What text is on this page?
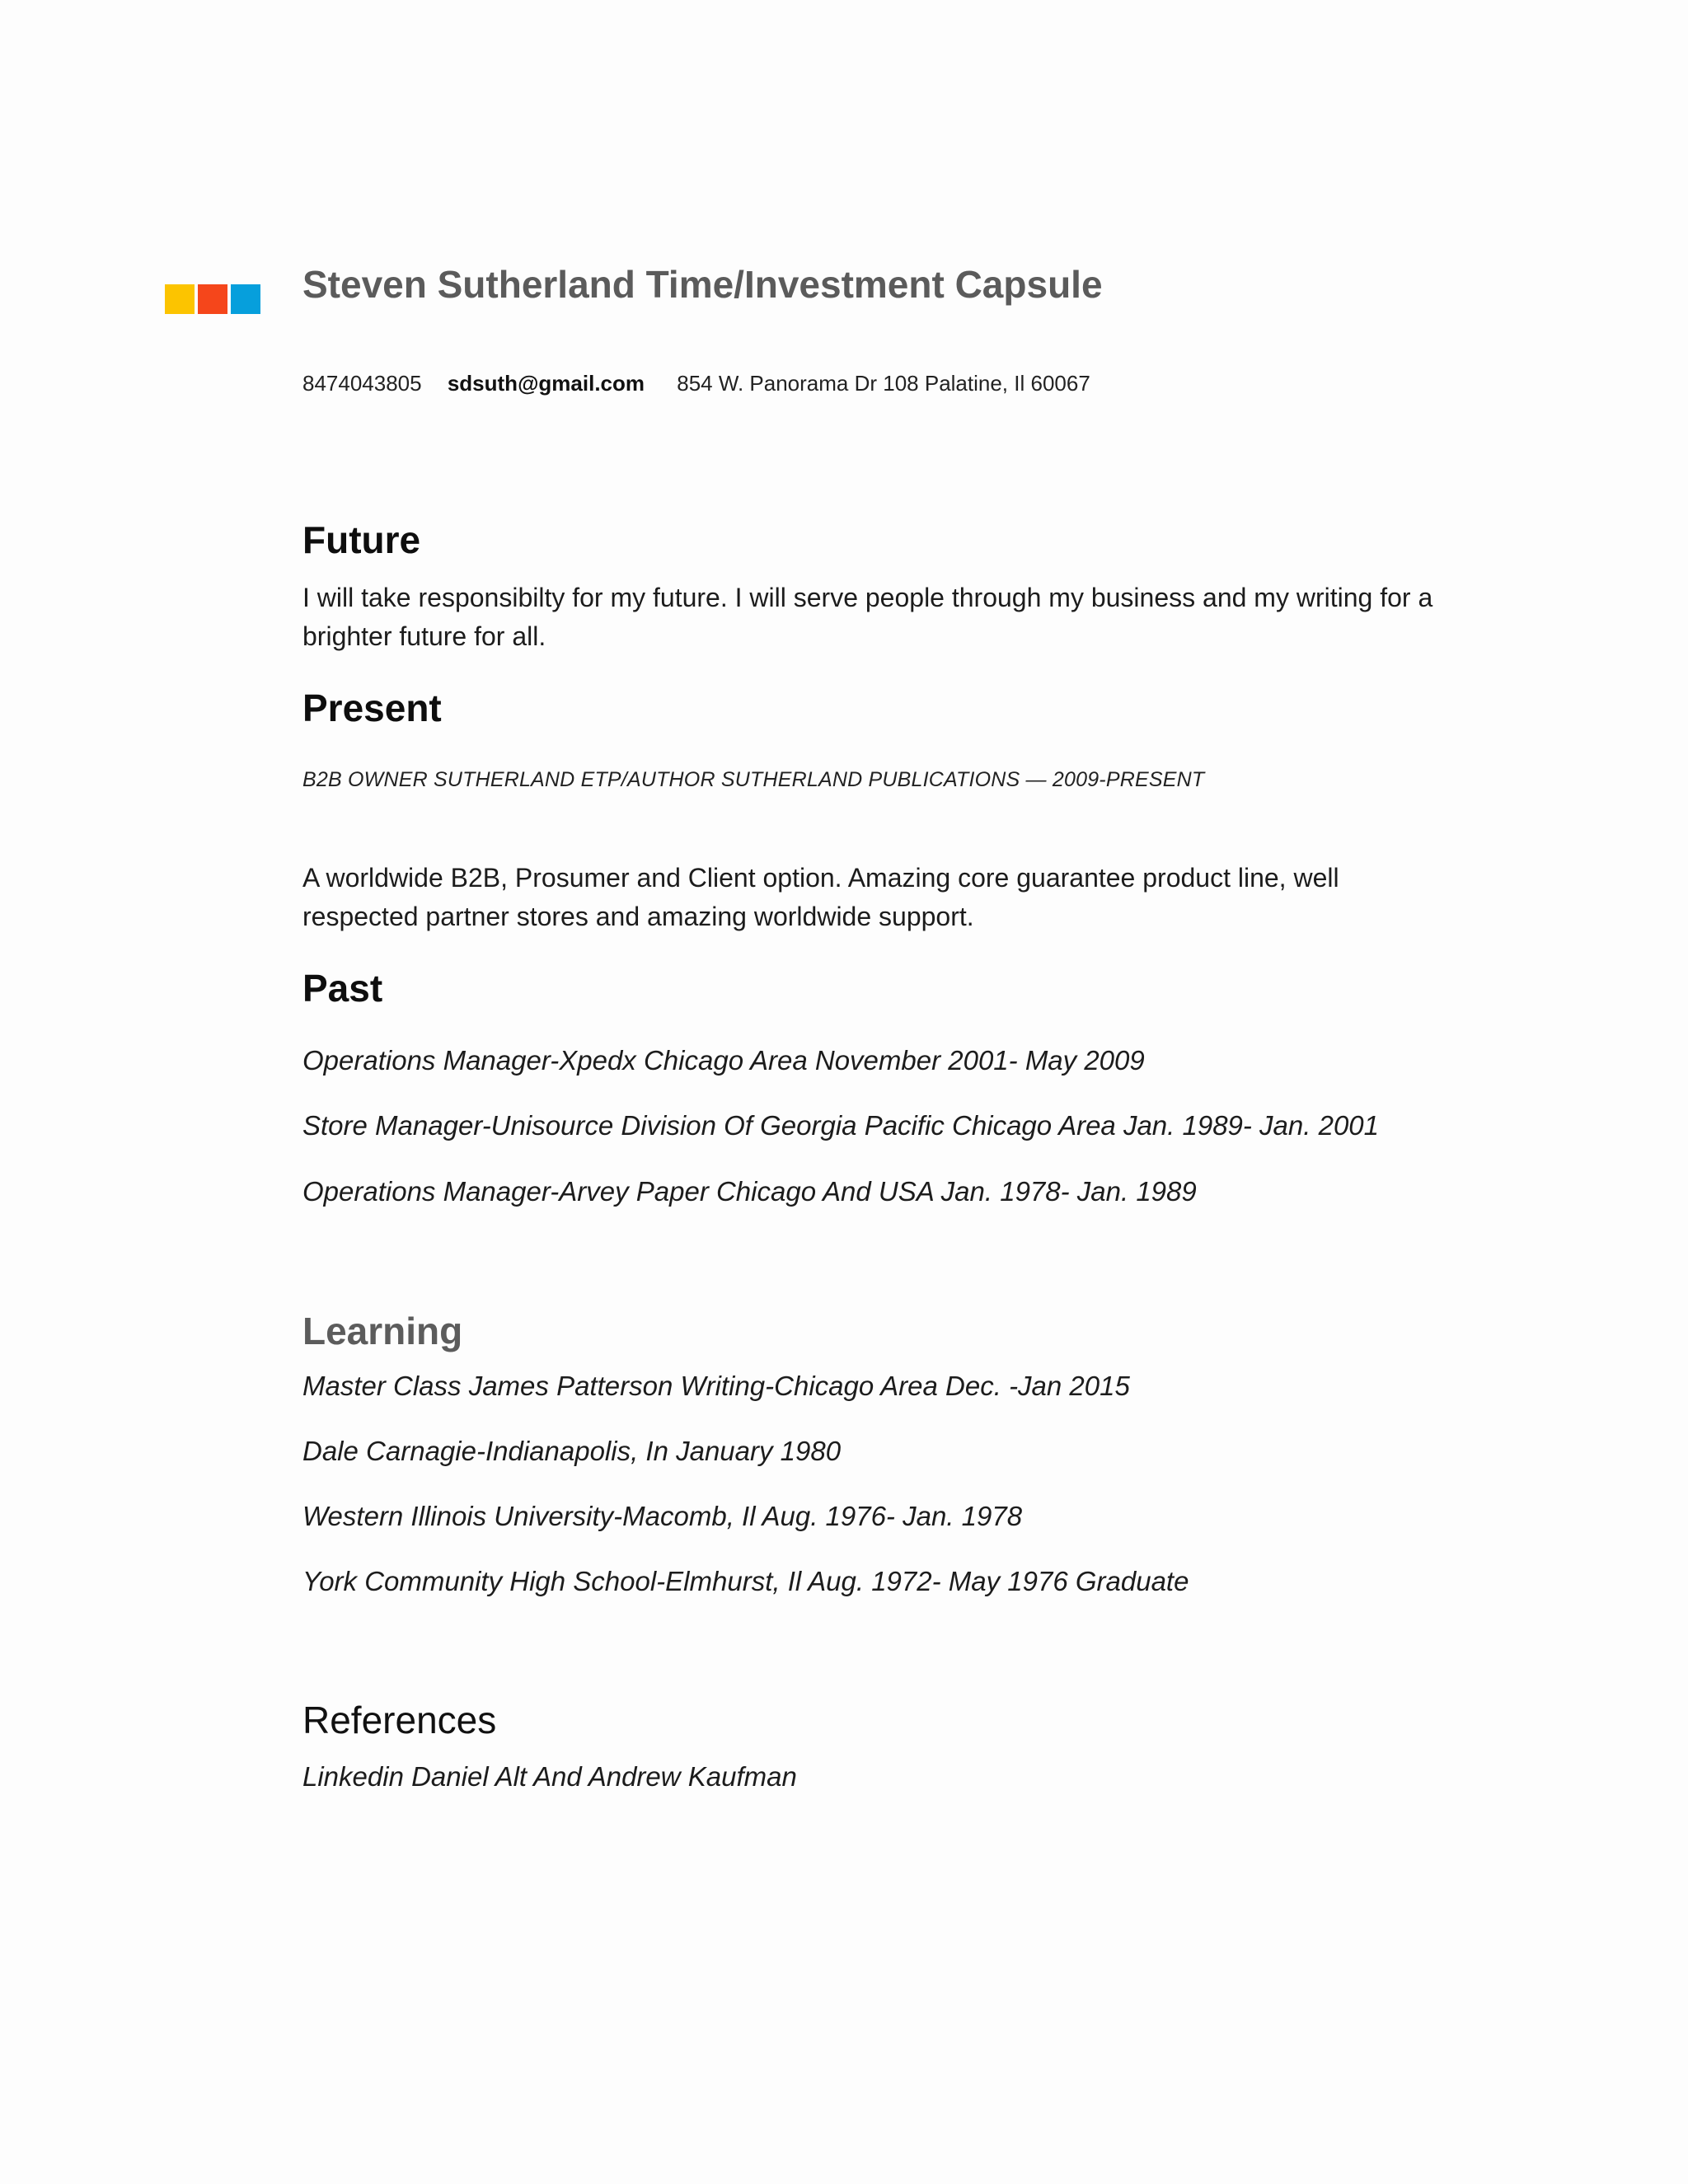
Steven Sutherland Time/Investment Capsule
8474043805 sdsuth@gmail.com 854 W. Panorama Dr 108 Palatine, Il 60067
Future

I will take responsibilty for my future. I will serve people through my business and my writing for a brighter future for all.

Present
B2B OWNER SUTHERLAND ETP/AUTHOR SUTHERLAND PUBLICATIONS — 2009-PRESENT

A worldwide B2B, Prosumer and Client option. Amazing core guarantee product line, well respected partner stores and amazing worldwide support.

Past
Operations Manager-Xpedx Chicago Area November 2001- May 2009
Store Manager-Unisource Division Of Georgia Pacific Chicago Area Jan. 1989- Jan. 2001
Operations Manager-Arvey Paper Chicago And USA Jan. 1978- Jan. 1989
Learning
Master Class James Patterson Writing-Chicago Area Dec. -Jan 2015
Dale Carnagie-Indianapolis, In January 1980
Western Illinois University-Macomb, Il Aug. 1976- Jan. 1978
York Community High School-Elmhurst, Il Aug. 1972- May 1976 Graduate
References
Linkedin Daniel Alt And Andrew Kaufman
